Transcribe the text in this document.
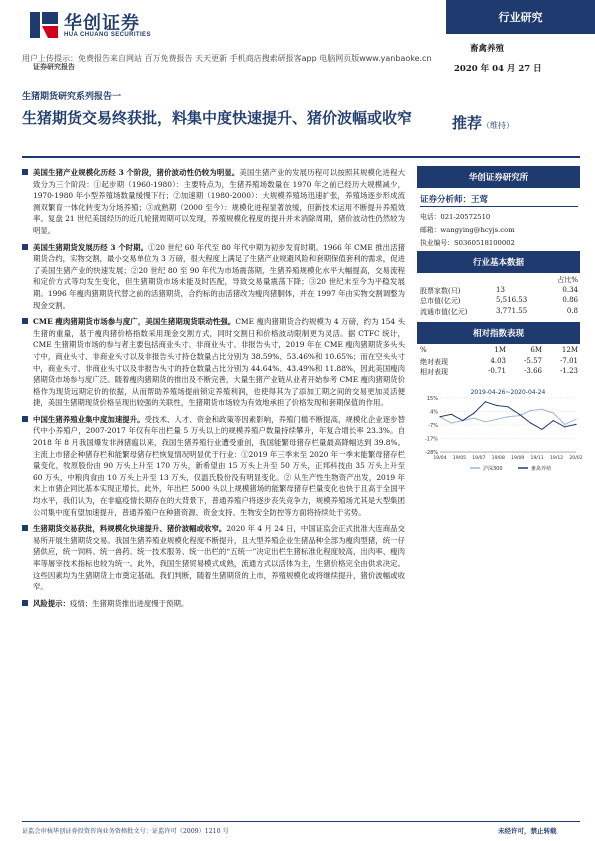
华创证券
HUA CHUANG SECURITIES
行业研究
畜禽养殖
用户上传提示：免费报告来自网站 百万免费报告 天天更新 手机商店搜索研报客app 电脑网页版www.yanbaoke.cn
证券研究报告	2020 年 04 月 27 日
生猪期货研究系列报告一
生猪期货交易终获批，料集中度快速提升、猪价波幅或收窄	推荐（维持）
美国生猪产业规模化历经 3 个阶段，猪价波动性仍较为明显。美国生猪产业的发展历程可以按照其规模化进程大致分为三个阶段：①起步期（1960-1980）：主要特点为，生猪养殖场数量在 1970 年之前已经历大规模减少，1970-1980 年小型养殖场数量缓慢下行；②加速期（1980-2000）：大规模养殖场迅速扩张，养殖场逐步形成流测双繁育一体化转变为分场养殖；③成熟期（2000 至今）：规模化进程显著放缓，但新技术运用不断提升养殖效率。复盘 21 世纪美国经历的近几轮猪周期可以发现，养殖规模化程度的提升并未消除周期，猪价波动性仍然较为明显。
美国生猪期货发展历经 3 个时期。①20 世纪 60 年代至 80 年代中期为初步发育时期。1966 年 CME 推出活猪期货合约，实物交割，最小交易单位为 3 万磅，很大程度上满足了生猪产业规避风险和套期保值套利的需求，促进了美国生猪产业的快速发展；②20 世纪 80 至 90 年代为市场震荡期，生猪养殖规模化水平大幅提高，交易流程和定价方式等均发生变化，但生猪期货市场未能及时匹配，导致交易量震荡下降；③20 世纪末至今为平稳发展期。1996 年瘦肉猪期货代替之前的活猪期货，合约标的由活猪改为瘦肉猪胴体，并在 1997 年由实物交割调整为现金交割。
CME 瘦肉猪期货市场参与度广，美国生猪期现货联动性强。CME 瘦肉猪期货合约规模为 4 万磅，约为 154 头生猪的重量，基于瘦肉猪价格指数采用现金交割方式，同时交割日和价格波动限制更为灵活。据 CTFC 统计，CME 生猪期货市场的参与者主要包括商业头寸、非商业头寸、非报告头寸，2019 年在 CME 瘦肉猪期货多头头寸中，商业头寸、非商业头寸以及非报告头寸持仓数量占比分别为 38.59%、53.46%和 10.65%；而在空头头寸中，商业头寸、非商业头寸以及非报告头寸的持仓数量占比分别为 44.64%、43.49%和 11.88%，因此美国瘦肉猪期货市场参与度广泛。随着瘦肉猪期货的推出及不断完善，大量生猪产业链从业者开始参考 CME 瘦肉猪期货价格作为现货远期定价的依据，从而帮助养殖场提前锁定养殖利润，也使得其为了添加工期之间的交易更加灵活便捷，美国生猪期现货价格呈现出较强的关联性，生猪期货市场较为有效地承担了价格发现和套期保值的作用。
中国生猪养殖业集中度加速提升。受技术、人才、资金和政策等因素影响，养殖门槛不断提高，规模化企业逐步替代中小养殖户，2007-2017 年仅有年出栏量 5 万头以上的规模养殖户数量持续攀升，年复合增长率 23.3%。自 2018 年 8 月我国爆发非洲猪瘟以来，我国生猪养殖行业遭受重创，我国能繁母猪存栏量最高降幅达到 39.8%。主流上市猪企种猪存栏和能繁母猪存栏恢复情况明显优于行业：①2019 年三季末至 2020 年一季末能繁母猪存栏量变化，牧原股份由 90 万头上升至 170 万头，新希望由 15 万头上升至 50 万头，正邦科技由 35 万头上升至 60 万头，中粮肉食由 10 万头上升至 13 万头，仅温氏股份没有明显变化。② 从生产性生物资产出发，2019 年末上市猪企同比基本实现正增长。此外，年出栏 5000 头以上规模猪场的能繁母猪存栏量变化也快于且高于全国平均水平，我们认为，在非瘟疫情长期存在的大背景下，普通养殖户将逐步丧失竞争力，规模养殖场尤其是大型集团公司集中度有望加速提升，普通养殖户在种猪资源、资金支持、生物安全防控等方面将持续处于劣势。
生猪期货交易获批，料规模化快速提升、猪价波幅或收窄。2020 年 4 月 24 日，中国证监会正式批准大连商品交易所开展生猪期货交易。我国生猪养殖业规模化程度不断提升，且大型养殖企业生猪品种全部为瘦肉型猪，统一仔猪供应，统一饲料、统一兽药、统一技术服务、统一出栏的“五统一”决定出栏生猪标准化程度较高，出肉率、瘦肉率等屠宰技术指标也较为统一。此外，我国生猪贸易模式成熟，流通方式以活体为主，生猪价格完全由供求决定。这些因素均为生猪期货上市奠定基础。我们判断，随着生猪期货的上市，养殖规模化或将继续提升，猪价波幅或收窄。
风险提示：疫情；生猪期货推出进度慢于预期。
华创证券研究所
证券分析师：王莺
电话：021-20572510
邮箱：wangying@hcyjs.com
执业编号：S0360518100002
行业基本数据
占比%
股票家数(只)	13	0.34
总市值(亿元)	5,516.53	0.86
流通市值(亿元)	3,771.55	0.8
相对指数表现
%	1M	6M	12M
绝对表现	4.03	-5.57	-7.01
相对表现	-0.71	-3.66	-1.23
2019-04-26~2020-04-24
15%
4%
-7%
-17%
-28%
19/04 19/05 19/07 19/08 19/09 19/11 19/12 20/02
沪深300	畜禽养殖
证监会审核华创证券投资咨询业务资格批文号：证监许可（2009）1210 号	未经许可，禁止转载
